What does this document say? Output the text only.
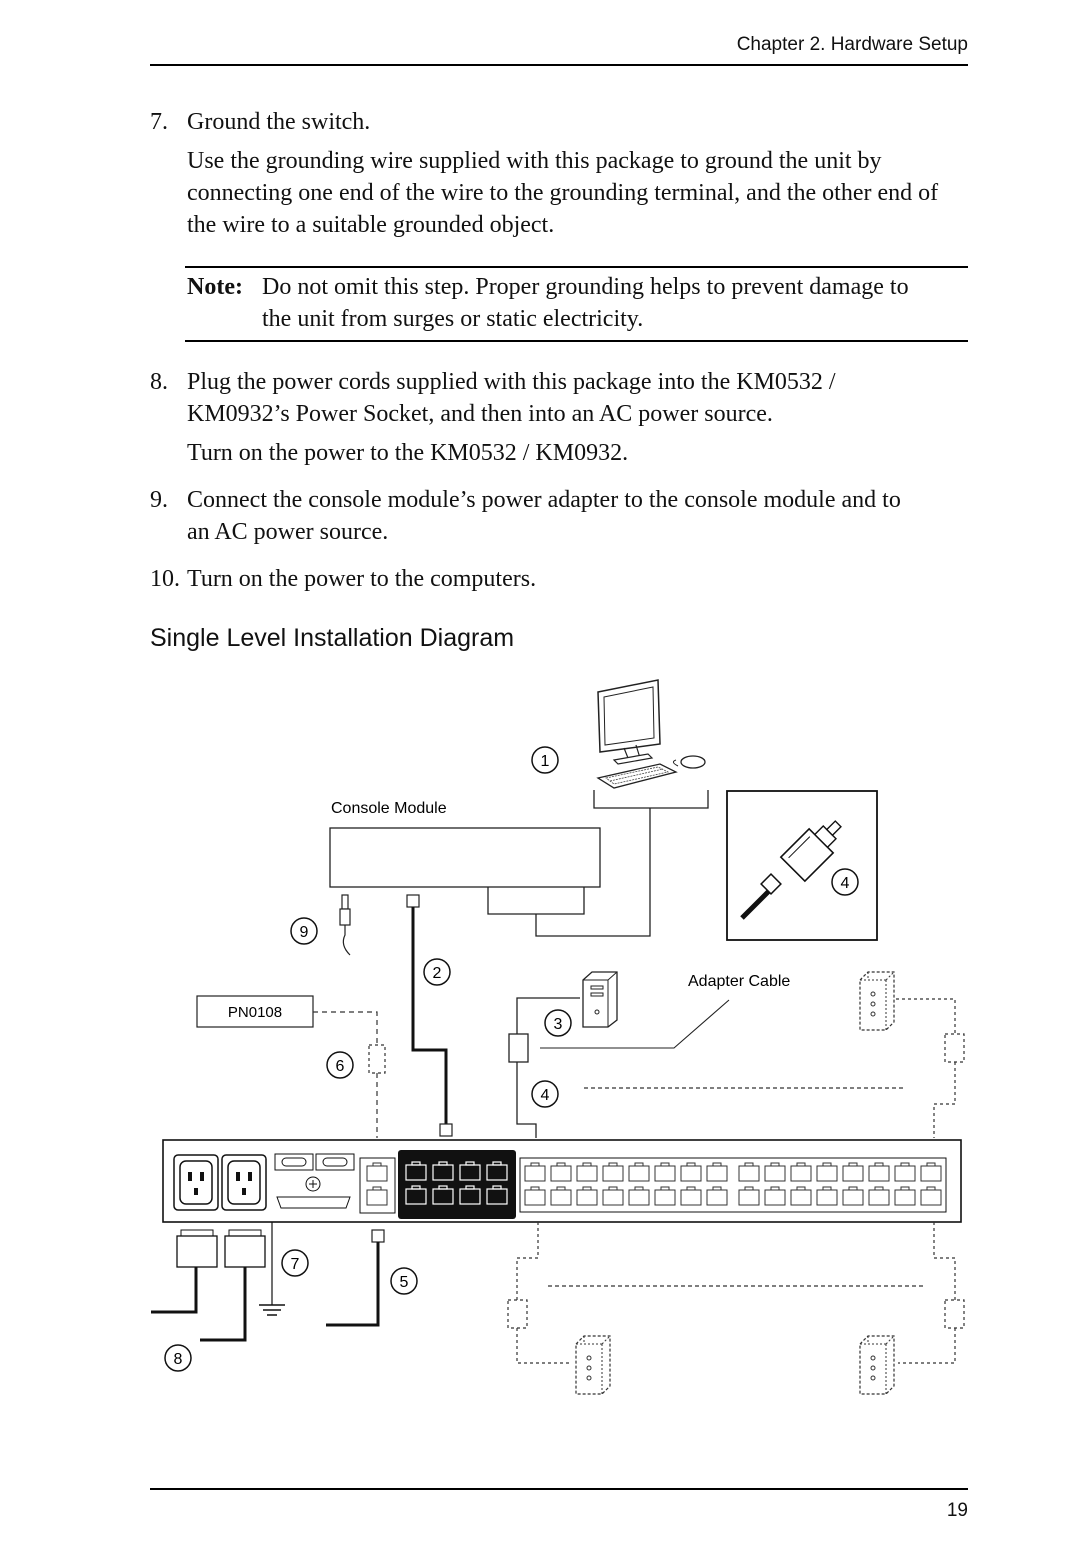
Chapter 2. Hardware Setup
7. Ground the switch.
Use the grounding wire supplied with this package to ground the unit by connecting one end of the wire to the grounding terminal, and the other end of the wire to a suitable grounded object.
Note: Do not omit this step. Proper grounding helps to prevent damage to
the unit from surges or static electricity.
8. Plug the power cords supplied with this package into the KM0532 /
KM0932’s Power Socket, and then into an AC power source.
Turn on the power to the KM0532 / KM0932.
9. Connect the console module’s power adapter to the console module and to
an AC power source.
10. Turn on the power to the computers.
Single Level Installation Diagram
1
Console Module
9
2
PN0108
6
3
4
Adapter Cable
4
8
7
5
19
